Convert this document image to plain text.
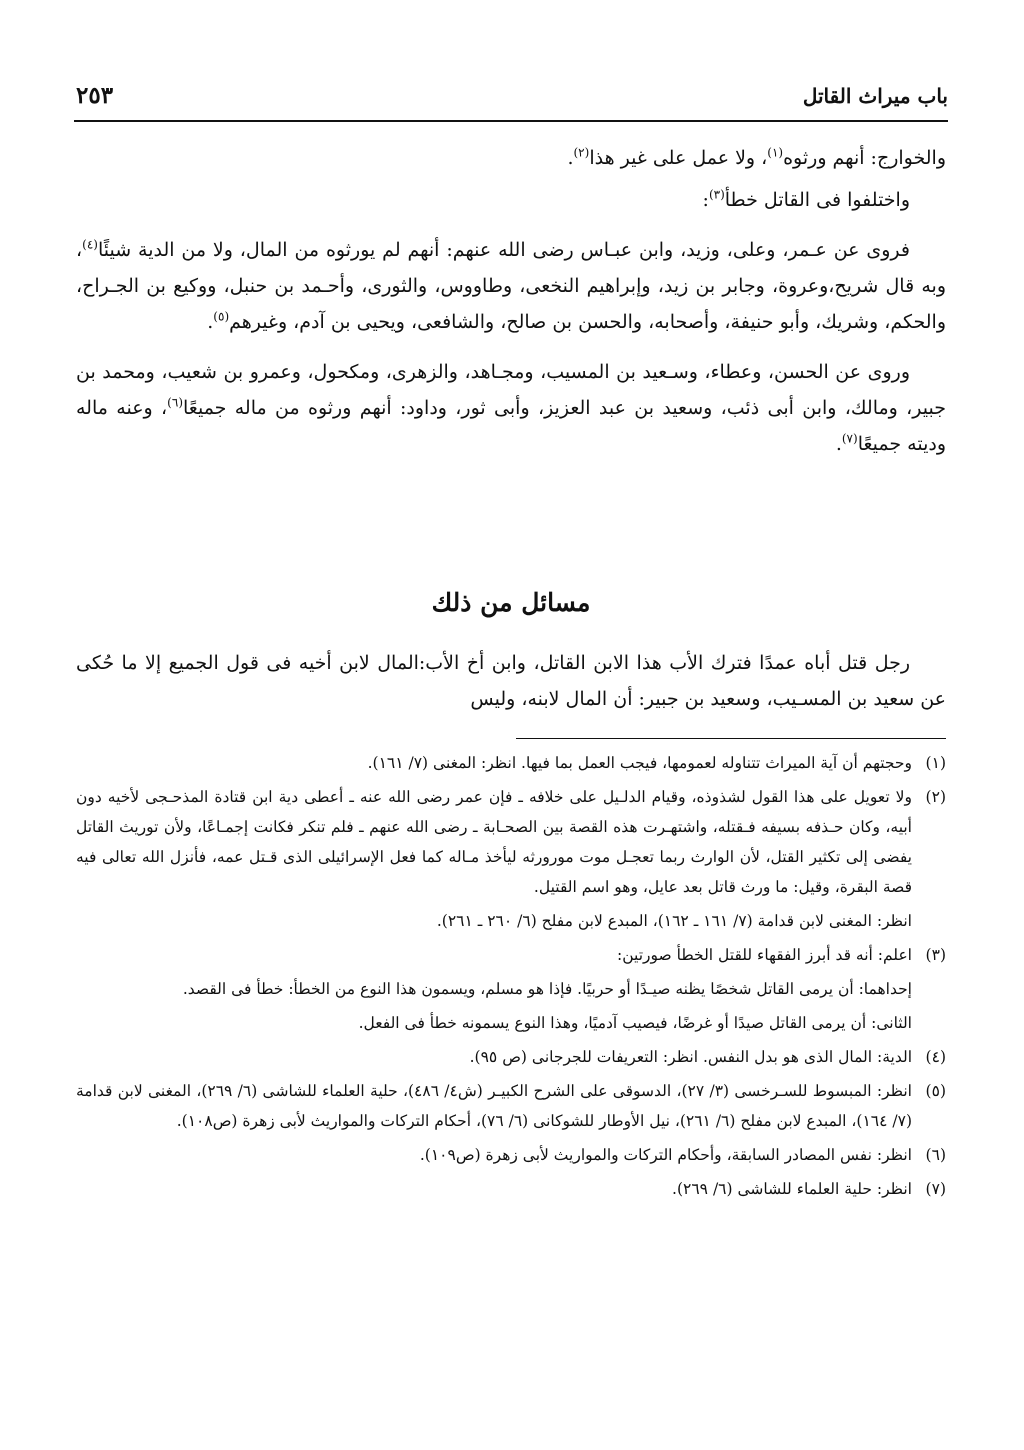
باب ميراث القاتل
٢٥٣

والخوارج: أنهم ورثوه$^{(١)}$، ولا عمل على غير هذا$^{(٢)}$.

واختلفوا فى القاتل خطأ$^{(٣)}$:

فروى عن عـمر، وعلى، وزيد، وابن عبـاس رضى الله عنهم: أنهم لم يورثوه من المال، ولا من الدية شيئًا$^{(٤)}$، وبه قال شريح،وعروة، وجابر بن زيد، وإبراهيم النخعى، وطاووس، والثورى، وأحـمد بن حنبل، ووكيع بن الجـراح، والحكم، وشريك، وأبو حنيفة، وأصحابه، والحسن بن صالح، والشافعى، ويحيى بن آدم، وغيرهم$^{(٥)}$.

وروى عن الحسن، وعطاء، وسـعيد بن المسيب، ومجـاهد، والزهرى، ومكحول، وعمرو بن شعيب، ومحمد بن جبير، ومالك، وابن أبى ذئب، وسعيد بن عبد العزيز، وأبى ثور، وداود: أنهم ورثوه من ماله جميعًا$^{(٦)}$، وعنه ماله وديته جميعًا$^{(٧)}$.

مسائل من ذلك
رجل قتل أباه عمدًا فترك الأب هذا الابن القاتل، وابن أخ الأب:المال لابن أخيه فى قول الجميع إلا ما حُكى عن سعيد بن المسـيب، وسعيد بن جبير: أن المال لابنه، وليس
(١)
وحجتهم أن آية الميراث تتناوله لعمومها، فيجب العمل بما فيها. انظر: المغنى (٧/ ١٦١).
(٢)
ولا تعويل على هذا القول لشذوذه، وقيام الدلـيل على خلافه ـ فإن عمر رضى الله عنه ـ أعطى دية ابن قتادة المذحـجى لأخيه دون أبيه، وكان حـذفه بسيفه فـقتله، واشتهـرت هذه القصة بين الصحـابة ـ رضى الله عنهم ـ فلم تنكر فكانت إجمـاعًا، ولأن توريث القاتل يفضى إلى تكثير القتل، لأن الوارث ربما تعجـل موت مورورثه ليأخذ مـاله كما فعل الإسرائيلى الذى قـتل عمه، فأنزل الله تعالى فيه قصة البقرة، وقيل: ما ورث قاتل بعد عايل، وهو اسم القتيل.
انظر: المغنى لابن قدامة (٧/ ١٦١ ـ ١٦٢)، المبدع لابن مفلح (٦/ ٢٦٠ ـ ٢٦١).
(٣)
اعلم: أنه قد أبرز الفقهاء للقتل الخطأ صورتين:
إحداهما: أن يرمى القاتل شخصًا يظنه صيـدًا أو حربيًا. فإذا هو مسلم، ويسمون هذا النوع من الخطأ: خطأ فى القصد.
الثانى: أن يرمى القاتل صيدًا أو غرضًا، فيصيب آدميًا، وهذا النوع يسمونه خطأ فى الفعل.
(٤)
الدية: المال الذى هو بدل النفس. انظر: التعريفات للجرجانى (ص ٩٥).
(٥)
انظر: المبسوط للسـرخسى (٣/ ٢٧)، الدسوقى على الشرح الكبيـر (ش٤/ ٤٨٦)، حلية العلماء للشاشى (٦/ ٢٦٩)، المغنى لابن قدامة (٧/ ١٦٤)، المبدع لابن مفلح (٦/ ٢٦١)، نيل الأوطار للشوكانى (٦/ ٧٦)، أحكام التركات والمواريث لأبى زهرة (ص١٠٨).
(٦)
انظر: نفس المصادر السابقة، وأحكام التركات والمواريث لأبى زهرة (ص١٠٩).
(٧)
انظر: حلية العلماء للشاشى (٦/ ٢٦٩).
